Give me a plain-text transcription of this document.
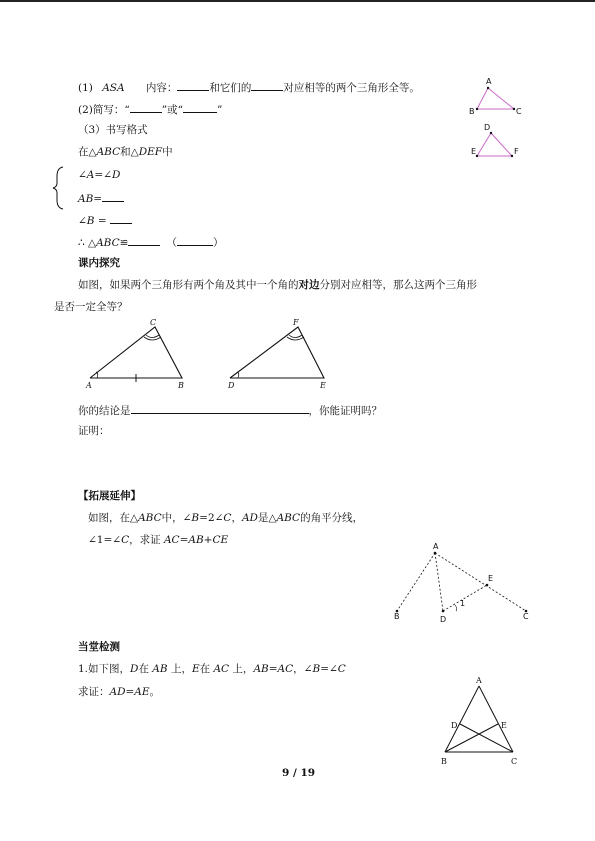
(1) ASA 内容：	和它们的	对应相等的两个三角形全等。
(2)简写：“	”或“	”
（3）书写格式
在△ABC和△DEF中
∠A=∠D
AB=
∠B =
∴ △ABC≌	（	）
A
B	C
D
E	F
课内探究
如图，如果两个三角形有两个角及其中一个角的对边分别对应相等，那么这两个三角形
是否一定全等？
A
C
B	D
F
E
你的结论是	，你能证明吗？
证明：
【拓展延伸】
如图，在△ABC中，∠B=2∠C，AD是△ABC的角平分线，
∠1=∠C，求证 AC=AB+CE
A
B	D
E
C
1
当堂检测
1.如下图，D在 AB 上，E在 AC 上，AB=AC，∠B=∠C
求证：AD=AE。
A
D	E
B	C
9 / 19
